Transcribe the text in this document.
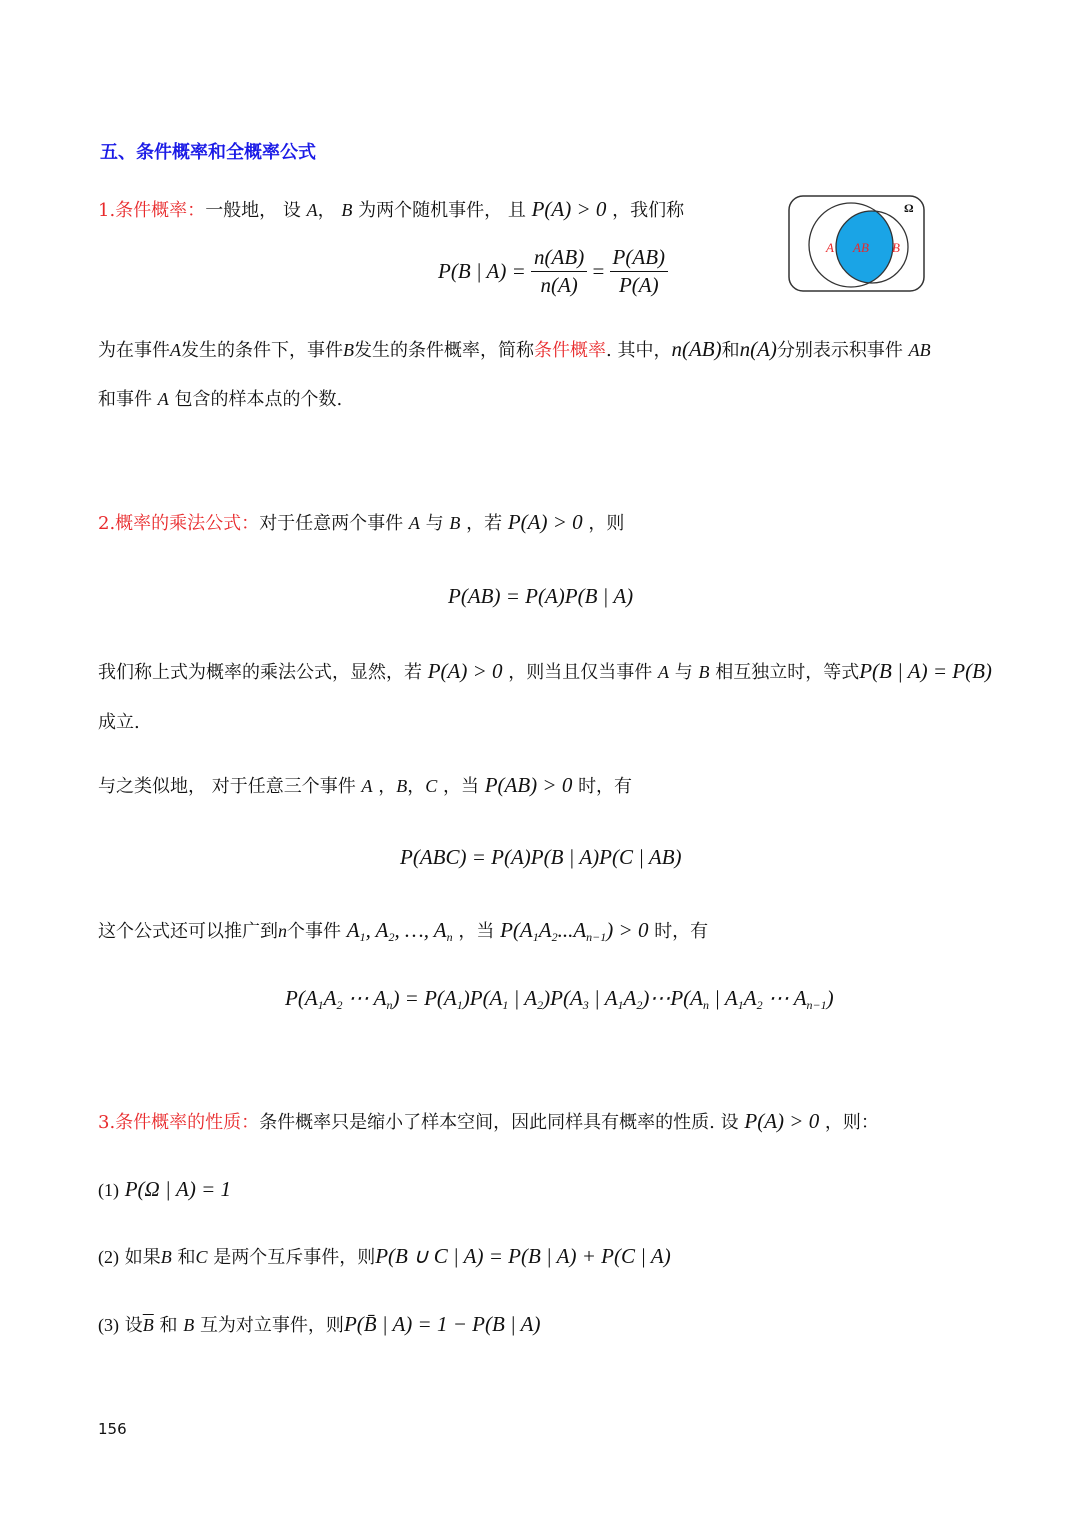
五、条件概率和全概率公式
1.条件概率：一般地， 设 A， B 为两个随机事件， 且 P(A) > 0 ，我们称
P(B | $A) = \frac{n(AB)}{n(A)} = \frac{P(AB)}{P(A)}$
Ω
A AB B
为在事件A发生的条件下，事件B发生的条件概率，简称条件概率. 其中，n(AB)和n(A)分别表示积事件 AB
和事件 A 包含的样本点的个数.
2.概率的乘法公式：对于任意两个事件 A 与 B ，若 P(A) > 0 ，则
P(AB) = P(A)P(B | A)
我们称上式为概率的乘法公式，显然，若 P(A) > 0 ，则当且仅当事件 A 与 B 相互独立时，等式P(B | A) = P(B)
成立.
与之类似地， 对于任意三个事件 A ，B，C ，当 P(AB) > 0 时，有
P(ABC) = P(A)P(B | A)P(C | AB)
这个公式还可以推广到n个事件 $A_1$, $A_2$, …, $A_n$ ，当 $P(A_1A_2...A_{n-1}) > 0$ 时，有
$P(A_1A_2$ ⋯ $A_n) = P(A_1)P(A_1$ | $A_2)P(A_3$ | $A_1A_2)\cdots P(A_n$ | $A_1A_2$ ⋯ $A_{n-1}$)
3.条件概率的性质：条件概率只是缩小了样本空间，因此同样具有概率的性质. 设 P(A) > 0 ，则：
(1) P(Ω | A) = 1
(2) 如果B 和C 是两个互斥事件，则P(B ∪ C | A) = P(B | A) + P(C | A)
(3) 设$\overline{B}$ 和 B 互为对立事件，则P(B̄ | A) = 1 − P(B | A)
156
